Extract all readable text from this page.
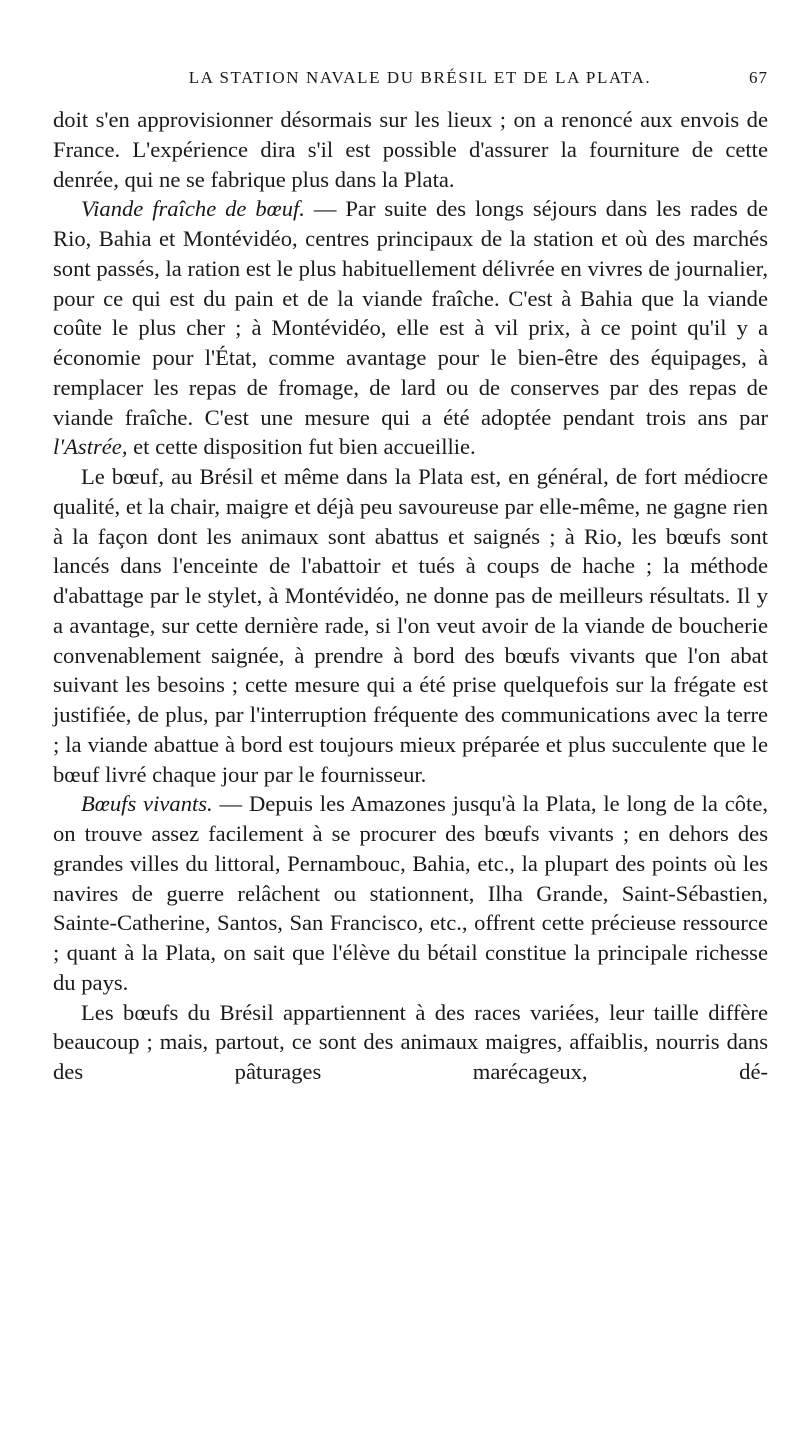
LA STATION NAVALE DU BRÉSIL ET DE LA PLATA.	67

doit s'en approvisionner désormais sur les lieux ; on a renoncé aux envois de France. L'expérience dira s'il est possible d'assurer la fourniture de cette denrée, qui ne se fabrique plus dans la Plata.

Viande fraîche de bœuf. — Par suite des longs séjours dans les rades de Rio, Bahia et Montévidéo, centres principaux de la station et où des marchés sont passés, la ration est le plus habituellement délivrée en vivres de journalier, pour ce qui est du pain et de la viande fraîche. C'est à Bahia que la viande coûte le plus cher ; à Montévidéo, elle est à vil prix, à ce point qu'il y a économie pour l'État, comme avantage pour le bien-être des équipages, à remplacer les repas de fromage, de lard ou de conserves par des repas de viande fraîche. C'est une mesure qui a été adoptée pendant trois ans par l'Astrée, et cette disposition fut bien accueillie.

Le bœuf, au Brésil et même dans la Plata est, en général, de fort médiocre qualité, et la chair, maigre et déjà peu savoureuse par elle-même, ne gagne rien à la façon dont les animaux sont abattus et saignés ; à Rio, les bœufs sont lancés dans l'enceinte de l'abattoir et tués à coups de hache ; la méthode d'abattage par le stylet, à Montévidéo, ne donne pas de meilleurs résultats. Il y a avantage, sur cette dernière rade, si l'on veut avoir de la viande de boucherie convenablement saignée, à prendre à bord des bœufs vivants que l'on abat suivant les besoins ; cette mesure qui a été prise quelquefois sur la frégate est justifiée, de plus, par l'interruption fréquente des communications avec la terre ; la viande abattue à bord est toujours mieux préparée et plus succulente que le bœuf livré chaque jour par le fournisseur.

Bœufs vivants. — Depuis les Amazones jusqu'à la Plata, le long de la côte, on trouve assez facilement à se procurer des bœufs vivants ; en dehors des grandes villes du littoral, Pernambouc, Bahia, etc., la plupart des points où les navires de guerre relâchent ou stationnent, Ilha Grande, Saint-Sébastien, Sainte-Catherine, Santos, San Francisco, etc., offrent cette précieuse ressource ; quant à la Plata, on sait que l'élève du bétail constitue la principale richesse du pays.

Les bœufs du Brésil appartiennent à des races variées, leur taille diffère beaucoup ; mais, partout, ce sont des animaux maigres, affaiblis, nourris dans des pâturages marécageux, dé-
